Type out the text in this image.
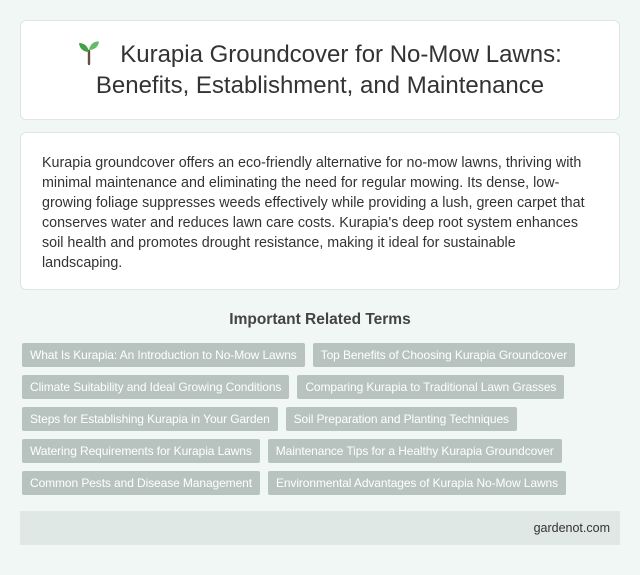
Kurapia Groundcover for No-Mow Lawns: Benefits, Establishment, and Maintenance

Kurapia groundcover offers an eco-friendly alternative for no-mow lawns, thriving with minimal maintenance and eliminating the need for regular mowing. Its dense, low-growing foliage suppresses weeds effectively while providing a lush, green carpet that conserves water and reduces lawn care costs. Kurapia's deep root system enhances soil health and promotes drought resistance, making it ideal for sustainable landscaping.

Important Related Terms
What Is Kurapia: An Introduction to No-Mow Lawns	Top Benefits of Choosing Kurapia Groundcover
Climate Suitability and Ideal Growing Conditions	Comparing Kurapia to Traditional Lawn Grasses
Steps for Establishing Kurapia in Your Garden	Soil Preparation and Planting Techniques
Watering Requirements for Kurapia Lawns	Maintenance Tips for a Healthy Kurapia Groundcover
Common Pests and Disease Management	Environmental Advantages of Kurapia No-Mow Lawns
gardenot.com
